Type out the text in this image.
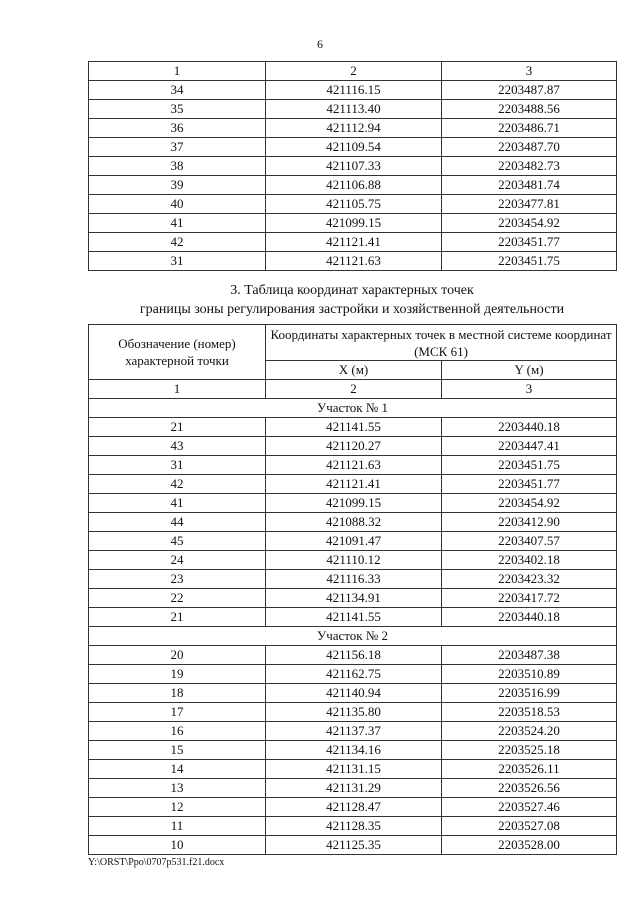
6
1	2	3
34	421116.15	2203487.87
35	421113.40	2203488.56
36	421112.94	2203486.71
37	421109.54	2203487.70
38	421107.33	2203482.73
39	421106.88	2203481.74
40	421105.75	2203477.81
41	421099.15	2203454.92
42	421121.41	2203451.77
31	421121.63	2203451.75
3. Таблица координат характерных точек
границы зоны регулирования застройки и хозяйственной деятельности
Обозначение (номер) характерной точки	Координаты характерных точек в местной системе координат (МСК 61)	
	X (м)	Y (м)
1	2	3
Участок № 1		
21	421141.55	2203440.18
43	421120.27	2203447.41
31	421121.63	2203451.75
42	421121.41	2203451.77
41	421099.15	2203454.92
44	421088.32	2203412.90
45	421091.47	2203407.57
24	421110.12	2203402.18
23	421116.33	2203423.32
22	421134.91	2203417.72
21	421141.55	2203440.18
Участок № 2		
20	421156.18	2203487.38
19	421162.75	2203510.89
18	421140.94	2203516.99
17	421135.80	2203518.53
16	421137.37	2203524.20
15	421134.16	2203525.18
14	421131.15	2203526.11
13	421131.29	2203526.56
12	421128.47	2203527.46
11	421128.35	2203527.08
10	421125.35	2203528.00
Y:\ORST\Ppo\0707p531.f21.docx
